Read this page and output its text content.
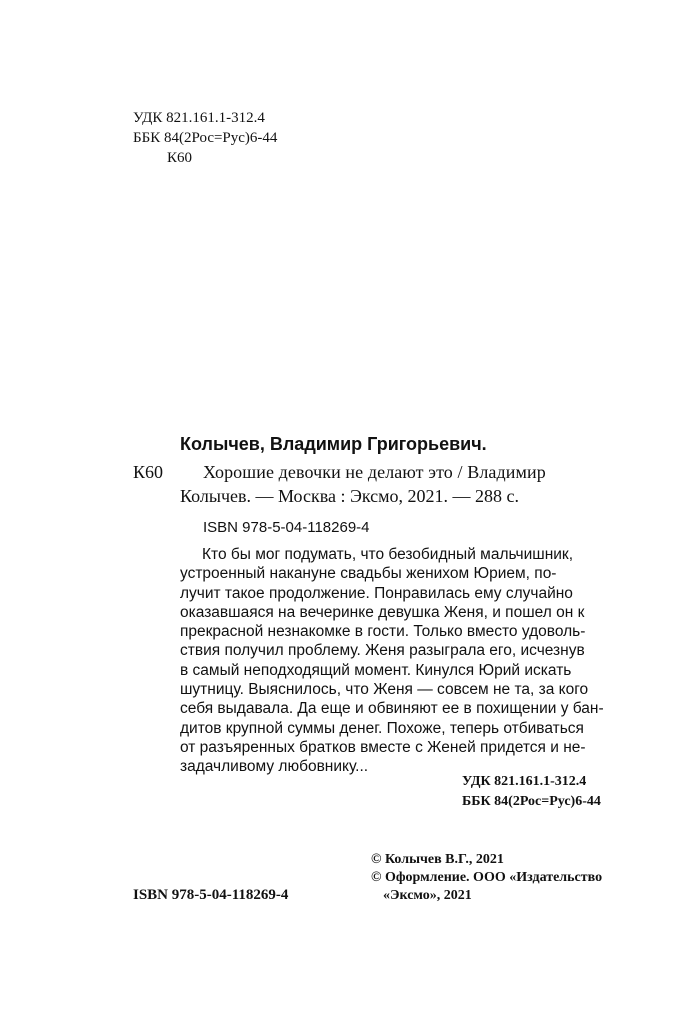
УДК 821.161.1-312.4
ББК 84(2Рос=Рус)6-44
К60
Колычев, Владимир Григорьевич.
К60 Хорошие девочки не делают это / Владимир
Колычев. — Москва : Эксмо, 2021. — 288 с.
ISBN 978-5-04-118269-4
Кто бы мог подумать, что безобидный мальчишник,
устроенный накануне свадьбы женихом Юрием, по-
лучит такое продолжение. Понравилась ему случайно
оказавшаяся на вечеринке девушка Женя, и пошел он к
прекрасной незнакомке в гости. Только вместо удоволь-
ствия получил проблему. Женя разыграла его, исчезнув
в самый неподходящий момент. Кинулся Юрий искать
шутницу. Выяснилось, что Женя — совсем не та, за кого
себя выдавала. Да еще и обвиняют ее в похищении у бан-
дитов крупной суммы денег. Похоже, теперь отбиваться
от разъяренных братков вместе с Женей придется и не-
задачливому любовнику...
УДК 821.161.1-312.4
ББК 84(2Рос=Рус)6-44
© Колычев В.Г., 2021
© Оформление. ООО «Издательство
«Эксмо», 2021
ISBN 978-5-04-118269-4
